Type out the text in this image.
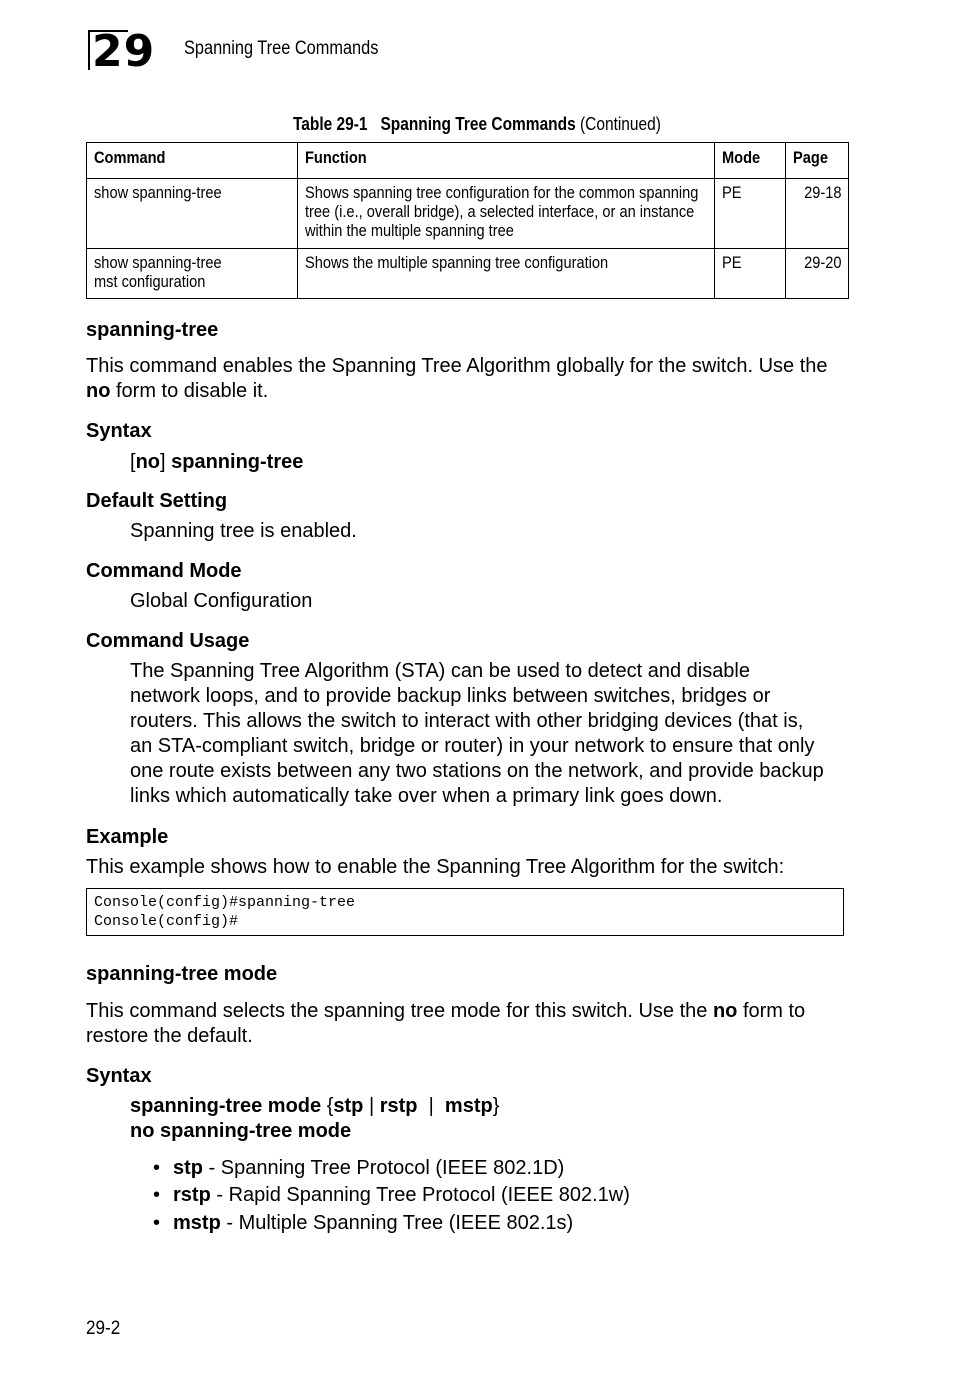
29 Spanning Tree Commands
Table 29-1 Spanning Tree Commands (Continued)
Command	Function	Mode	Page
show spanning-tree	Shows spanning tree configuration for the common spanning tree (i.e., overall bridge), a selected interface, or an instance within the multiple spanning tree	PE	29-18
show spanning-tree mst configuration	Shows the multiple spanning tree configuration	PE	29-20
spanning-tree
This command enables the Spanning Tree Algorithm globally for the switch. Use the
no form to disable it.
Syntax
[no] spanning-tree
Default Setting
Spanning tree is enabled.
Command Mode
Global Configuration
Command Usage
The Spanning Tree Algorithm (STA) can be used to detect and disable
network loops, and to provide backup links between switches, bridges or
routers. This allows the switch to interact with other bridging devices (that is,
an STA-compliant switch, bridge or router) in your network to ensure that only
one route exists between any two stations on the network, and provide backup
links which automatically take over when a primary link goes down.
Example
This example shows how to enable the Spanning Tree Algorithm for the switch:
Console(config)#spanning-tree
Console(config)#
spanning-tree mode
This command selects the spanning tree mode for this switch. Use the no form to
restore the default.
Syntax
spanning-tree mode {stp | rstp  |  mstp}
no spanning-tree mode
• stp - Spanning Tree Protocol (IEEE 802.1D)
• rstp - Rapid Spanning Tree Protocol (IEEE 802.1w)
• mstp - Multiple Spanning Tree (IEEE 802.1s)
29-2
